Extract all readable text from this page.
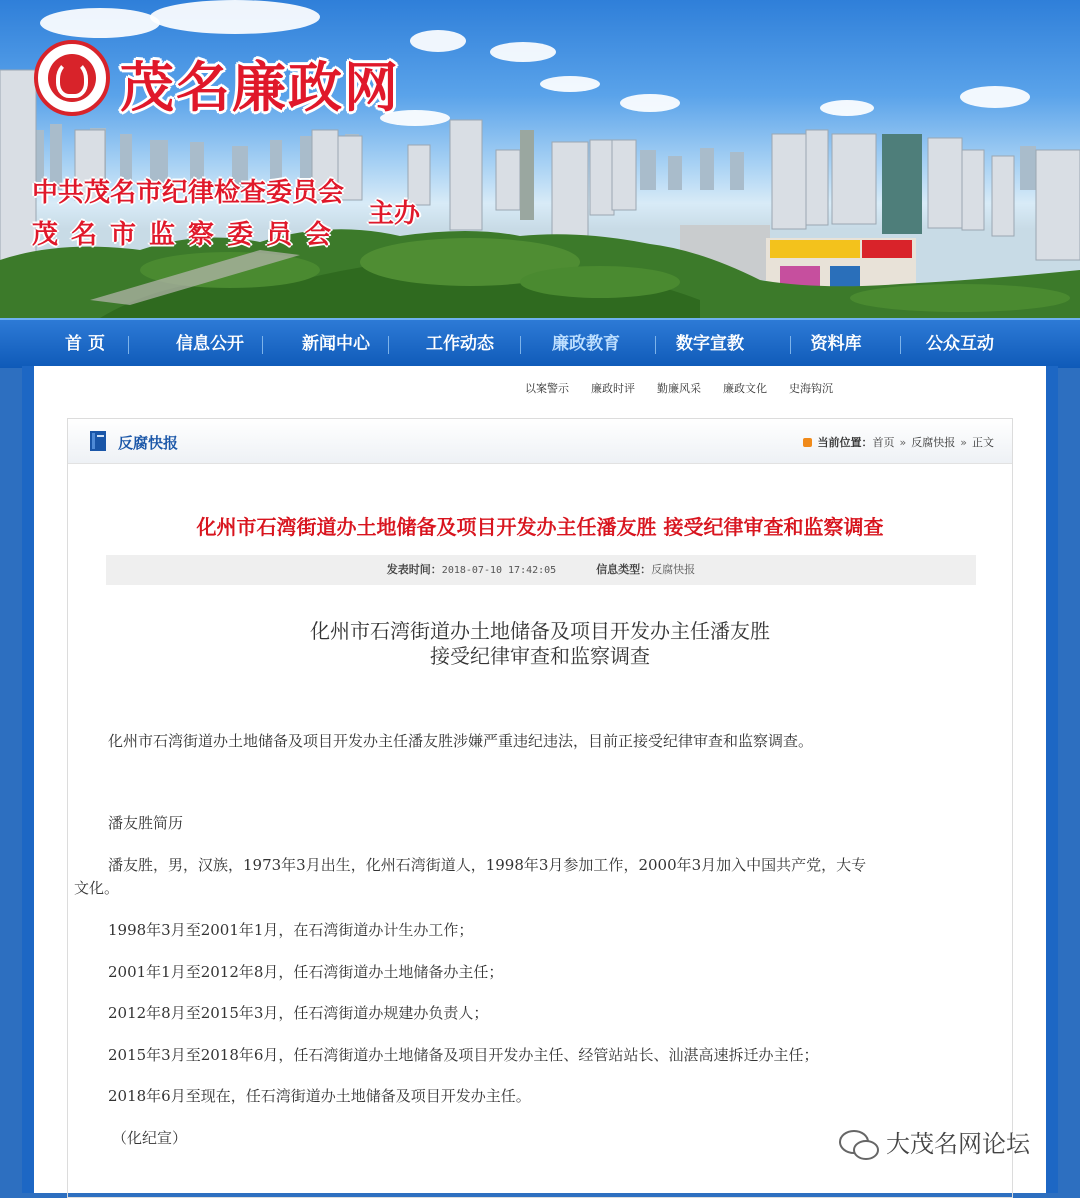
茂名廉政网
中共茂名市纪律检查委员会
茂名市监察委员会
主办
首 页	信息公开	新闻中心	工作动态	廉政教育	数字宣教	资料库	公众互动
以案警示 廉政时评 勤廉风采 廉政文化 史海钩沉
反腐快报	当前位置：首页 » 反腐快报 » 正文
化州市石湾街道办土地储备及项目开发办主任潘友胜 接受纪律审查和监察调查
发表时间：2018-07-10 17:42:05	信息类型：反腐快报
化州市石湾街道办土地储备及项目开发办主任潘友胜
接受纪律审查和监察调查
化州市石湾街道办土地储备及项目开发办主任潘友胜涉嫌严重违纪违法，目前正接受纪律审查和监察调查。
潘友胜简历
潘友胜，男，汉族，1973年3月出生，化州石湾街道人，1998年3月参加工作，2000年3月加入中国共产党，大专
文化。
1998年3月至2001年1月，在石湾街道办计生办工作；
2001年1月至2012年8月，任石湾街道办土地储备办主任；
2012年8月至2015年3月，任石湾街道办规建办负责人；
2015年3月至2018年6月，任石湾街道办土地储备及项目开发办主任、经管站站长、汕湛高速拆迁办主任；
2018年6月至现在，任石湾街道办土地储备及项目开发办主任。
（化纪宣）	大茂名网论坛
